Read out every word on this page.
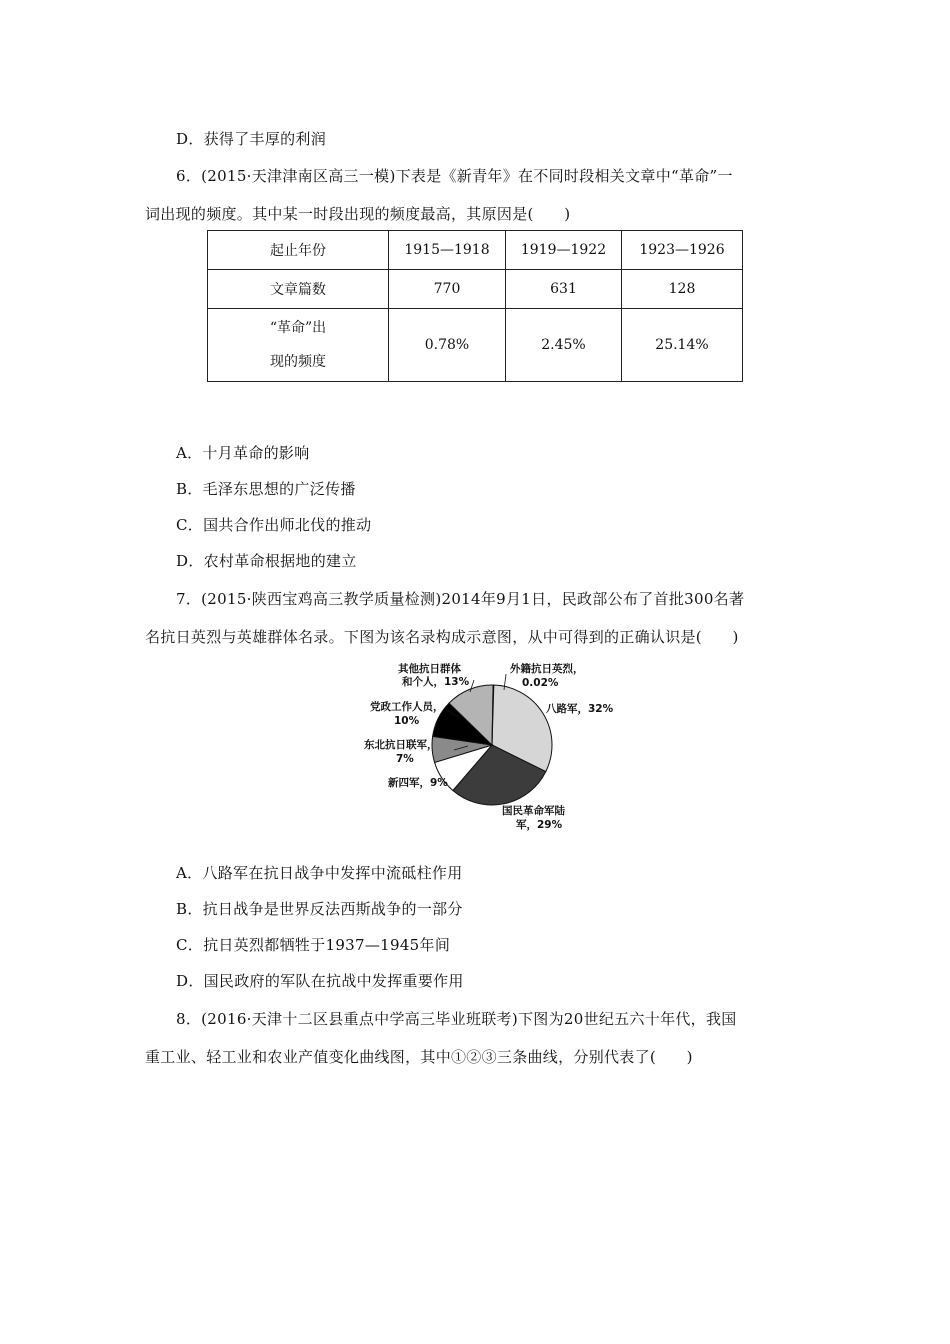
D．获得了丰厚的利润
6．(2015·天津津南区高三一模)下表是《新青年》在不同时段相关文章中“革命”一
词出现的频度。其中某一时段出现的频度最高，其原因是(　　)
起止年份	1915—1918	1919—1922	1923—1926
文章篇数	770	631	128

“革命”出
现的频度	0.78%	2.45%	25.14%
A．十月革命的影响
B．毛泽东思想的广泛传播
C．国共合作出师北伐的推动
D．农村革命根据地的建立
7．(2015·陕西宝鸡高三教学质量检测)2014年9月1日，民政部公布了首批300名著
名抗日英烈与英雄群体名录。下图为该名录构成示意图，从中可得到的正确认识是(　　)
其他抗日群体
和个人，13%
外籍抗日英烈，
0.02%
八路军，32%
党政工作人员，
10%
东北抗日联军，
7%
新四军，9%
国民革命军陆
军，29%
A．八路军在抗日战争中发挥中流砥柱作用
B．抗日战争是世界反法西斯战争的一部分
C．抗日英烈都牺牲于1937—1945年间
D．国民政府的军队在抗战中发挥重要作用
8．(2016·天津十二区县重点中学高三毕业班联考)下图为20世纪五六十年代，我国
重工业、轻工业和农业产值变化曲线图，其中①②③三条曲线，分别代表了(　　)
